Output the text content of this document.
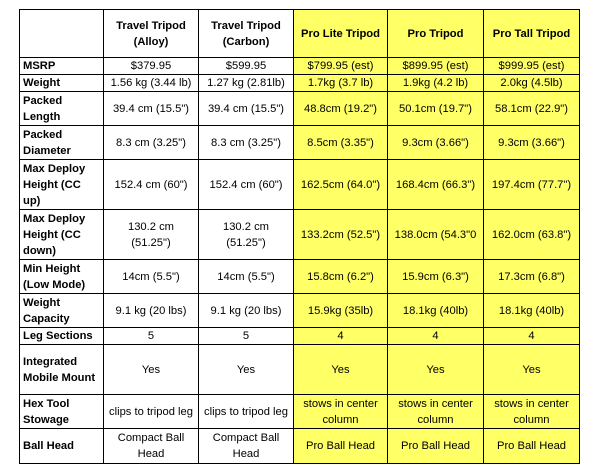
	Travel Tripod (Alloy)	Travel Tripod (Carbon)	Pro Lite Tripod	Pro Tripod	Pro Tall Tripod
MSRP	$379.95	$599.95	$799.95 (est)	$899.95 (est)	$999.95 (est)
Weight	1.56 kg (3.44 lb)	1.27 kg (2.81lb)	1.7kg (3.7 lb)	1.9kg (4.2 lb)	2.0kg (4.5lb)
Packed Length	39.4 cm (15.5")	39.4 cm (15.5")	48.8cm (19.2")	50.1cm (19.7")	58.1cm (22.9")
Packed Diameter	8.3 cm (3.25")	8.3 cm (3.25")	8.5cm (3.35")	9.3cm (3.66")	9.3cm (3.66")
Max Deploy Height (CC up)	152.4 cm (60")	152.4 cm (60")	162.5cm (64.0")	168.4cm (66.3")	197.4cm (77.7")
Max Deploy Height (CC down)	130.2 cm (51.25")	130.2 cm (51.25")	133.2cm (52.5")	138.0cm (54.3"0	162.0cm (63.8")
Min Height (Low Mode)	14cm (5.5")	14cm (5.5")	15.8cm (6.2")	15.9cm (6.3")	17.3cm (6.8")
Weight Capacity	9.1 kg (20 lbs)	9.1 kg (20 lbs)	15.9kg (35lb)	18.1kg (40lb)	18.1kg (40lb)
Leg Sections	5	5	4	4	4
Integrated Mobile Mount	Yes	Yes	Yes	Yes	Yes
Hex Tool Stowage	clips to tripod leg	clips to tripod leg	stows in center column	stows in center column	stows in center column
Ball Head	Compact Ball Head	Compact Ball Head	Pro Ball Head	Pro Ball Head	Pro Ball Head
